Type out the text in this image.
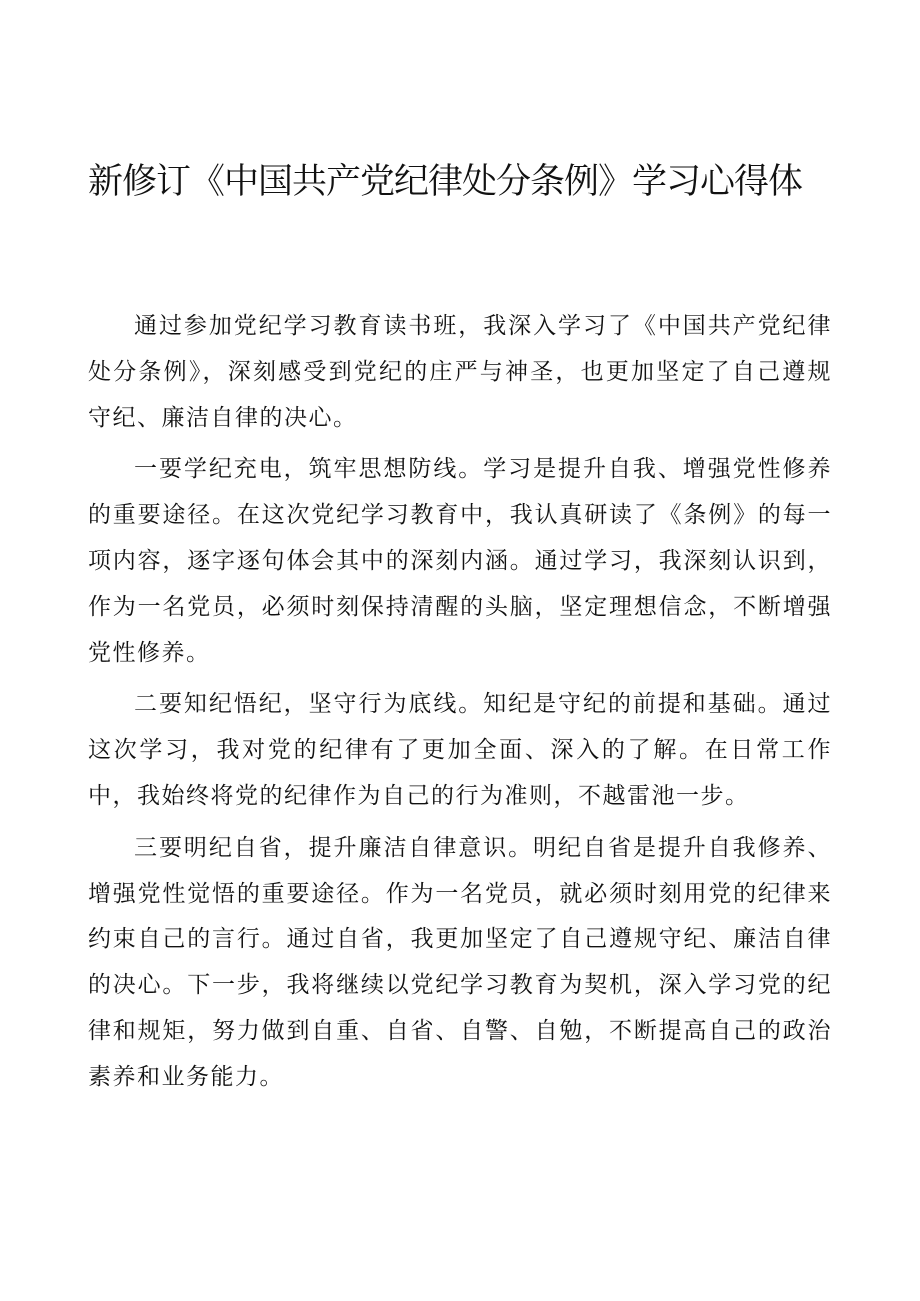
新修订《中国共产党纪律处分条例》学习心得体

通过参加党纪学习教育读书班，我深入学习了《中国共产党纪律处分条例》，深刻感受到党纪的庄严与神圣，也更加坚定了自己遵规守纪、廉洁自律的决心。

一要学纪充电，筑牢思想防线。学习是提升自我、增强党性修养的重要途径。在这次党纪学习教育中，我认真研读了《条例》的每一项内容，逐字逐句体会其中的深刻内涵。通过学习，我深刻认识到，作为一名党员，必须时刻保持清醒的头脑，坚定理想信念，不断增强党性修养。

二要知纪悟纪，坚守行为底线。知纪是守纪的前提和基础。通过这次学习，我对党的纪律有了更加全面、深入的了解。在日常工作中，我始终将党的纪律作为自己的行为准则，不越雷池一步。

三要明纪自省，提升廉洁自律意识。明纪自省是提升自我修养、增强党性觉悟的重要途径。作为一名党员，就必须时刻用党的纪律来约束自己的言行。通过自省，我更加坚定了自己遵规守纪、廉洁自律的决心。下一步，我将继续以党纪学习教育为契机，深入学习党的纪律和规矩，努力做到自重、自省、自警、自勉，不断提高自己的政治素养和业务能力。
